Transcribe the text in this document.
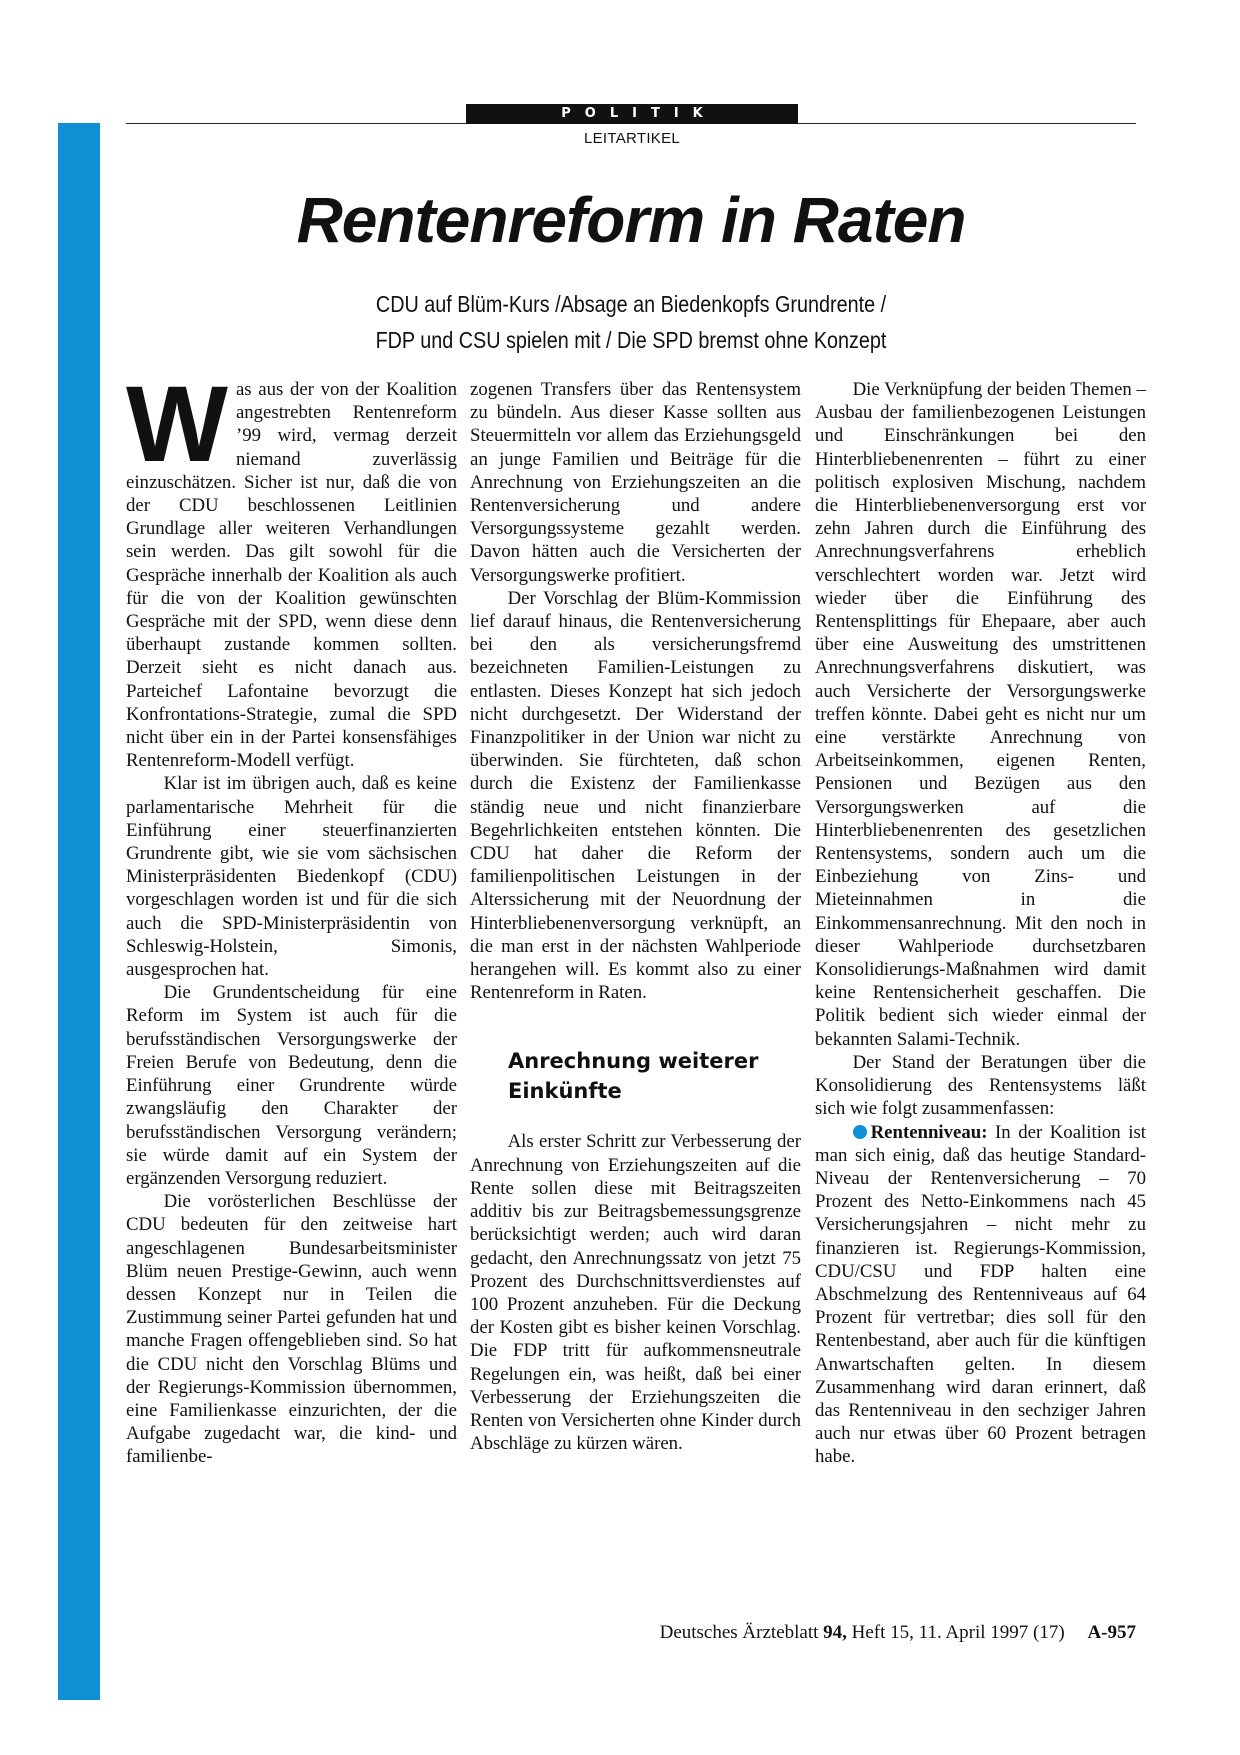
POLITIK
LEITARTIKEL
Rentenreform in Raten
CDU auf Blüm-Kurs /Absage an Biedenkopfs Grundrente /
FDP und CSU spielen mit / Die SPD bremst ohne Konzept

Was aus der von der Koalition angestrebten Rentenreform ’99 wird, vermag derzeit niemand zuverlässig einzuschätzen. Sicher ist nur, daß die von der CDU beschlossenen Leitlinien Grundlage aller weiteren Verhandlungen sein werden. Das gilt sowohl für die Gespräche innerhalb der Koalition als auch für die von der Koalition gewünschten Gespräche mit der SPD, wenn diese denn überhaupt zustande kommen sollten. Derzeit sieht es nicht danach aus. Parteichef Lafontaine bevorzugt die Konfrontations-Strategie, zumal die SPD nicht über ein in der Partei konsensfähiges Rentenreform-Modell verfügt.

Klar ist im übrigen auch, daß es keine parlamentarische Mehrheit für die Einführung einer steuerfinanzierten Grundrente gibt, wie sie vom sächsischen Ministerpräsidenten Biedenkopf (CDU) vorgeschlagen worden ist und für die sich auch die SPD-Ministerpräsidentin von Schleswig-Holstein, Simonis, ausgesprochen hat.

Die Grundentscheidung für eine Reform im System ist auch für die berufsständischen Versorgungswerke der Freien Berufe von Bedeutung, denn die Einführung einer Grundrente würde zwangsläufig den Charakter der berufsständischen Versorgung verändern; sie würde damit auf ein System der ergänzenden Versorgung reduziert.

Die vorösterlichen Beschlüsse der CDU bedeuten für den zeitweise hart angeschlagenen Bundesarbeitsminister Blüm neuen Prestige-Gewinn, auch wenn dessen Konzept nur in Teilen die Zustimmung seiner Partei gefunden hat und manche Fragen offengeblieben sind. So hat die CDU nicht den Vorschlag Blüms und der Regierungs-Kommission übernommen, eine Familienkasse einzurichten, der die Aufgabe zugedacht war, die kind- und familienbe-

zogenen Transfers über das Rentensystem zu bündeln. Aus dieser Kasse sollten aus Steuermitteln vor allem das Erziehungsgeld an junge Familien und Beiträge für die Anrechnung von Erziehungszeiten an die Rentenversicherung und andere Versorgungssysteme gezahlt werden. Davon hätten auch die Versicherten der Versorgungswerke profitiert.

Der Vorschlag der Blüm-Kommission lief darauf hinaus, die Rentenversicherung bei den als versicherungsfremd bezeichneten Familien-Leistungen zu entlasten. Dieses Konzept hat sich jedoch nicht durchgesetzt. Der Widerstand der Finanzpolitiker in der Union war nicht zu überwinden. Sie fürchteten, daß schon durch die Existenz der Familienkasse ständig neue und nicht finanzierbare Begehrlichkeiten entstehen könnten. Die CDU hat daher die Reform der familienpolitischen Leistungen in der Alterssicherung mit der Neuordnung der Hinterbliebenenversorgung verknüpft, an die man erst in der nächsten Wahlperiode herangehen will. Es kommt also zu einer Rentenreform in Raten.

Anrechnung weiterer Einkünfte

Als erster Schritt zur Verbesserung der Anrechnung von Erziehungszeiten auf die Rente sollen diese mit Beitragszeiten additiv bis zur Beitragsbemessungsgrenze berücksichtigt werden; auch wird daran gedacht, den Anrechnungssatz von jetzt 75 Prozent des Durchschnittsverdienstes auf 100 Prozent anzuheben. Für die Deckung der Kosten gibt es bisher keinen Vorschlag. Die FDP tritt für aufkommensneutrale Regelungen ein, was heißt, daß bei einer Verbesserung der Erziehungszeiten die Renten von Versicherten ohne Kinder durch Abschläge zu kürzen wären.

Die Verknüpfung der beiden Themen – Ausbau der familienbezogenen Leistungen und Einschränkungen bei den Hinterbliebenenrenten – führt zu einer politisch explosiven Mischung, nachdem die Hinterbliebenenversorgung erst vor zehn Jahren durch die Einführung des Anrechnungsverfahrens erheblich verschlechtert worden war. Jetzt wird wieder über die Einführung des Rentensplittings für Ehepaare, aber auch über eine Ausweitung des umstrittenen Anrechnungsverfahrens diskutiert, was auch Versicherte der Versorgungswerke treffen könnte. Dabei geht es nicht nur um eine verstärkte Anrechnung von Arbeitseinkommen, eigenen Renten, Pensionen und Bezügen aus den Versorgungswerken auf die Hinterbliebenenrenten des gesetzlichen Rentensystems, sondern auch um die Einbeziehung von Zins- und Mieteinnahmen in die Einkommensanrechnung. Mit den noch in dieser Wahlperiode durchsetzbaren Konsolidierungs-Maßnahmen wird damit keine Rentensicherheit geschaffen. Die Politik bedient sich wieder einmal der bekannten Salami-Technik.

Der Stand der Beratungen über die Konsolidierung des Rentensystems läßt sich wie folgt zusammenfassen:

Rentenniveau: In der Koalition ist man sich einig, daß das heutige Standard-Niveau der Rentenversicherung – 70 Prozent des Netto-Einkommens nach 45 Versicherungsjahren – nicht mehr zu finanzieren ist. Regierungs-Kommission, CDU/CSU und FDP halten eine Abschmelzung des Rentenniveaus auf 64 Prozent für vertretbar; dies soll für den Rentenbestand, aber auch für die künftigen Anwartschaften gelten. In diesem Zusammenhang wird daran erinnert, daß das Rentenniveau in den sechziger Jahren auch nur etwas über 60 Prozent betragen habe.

Deutsches Ärzteblatt 94, Heft 15, 11. April 1997 (17) A-957
